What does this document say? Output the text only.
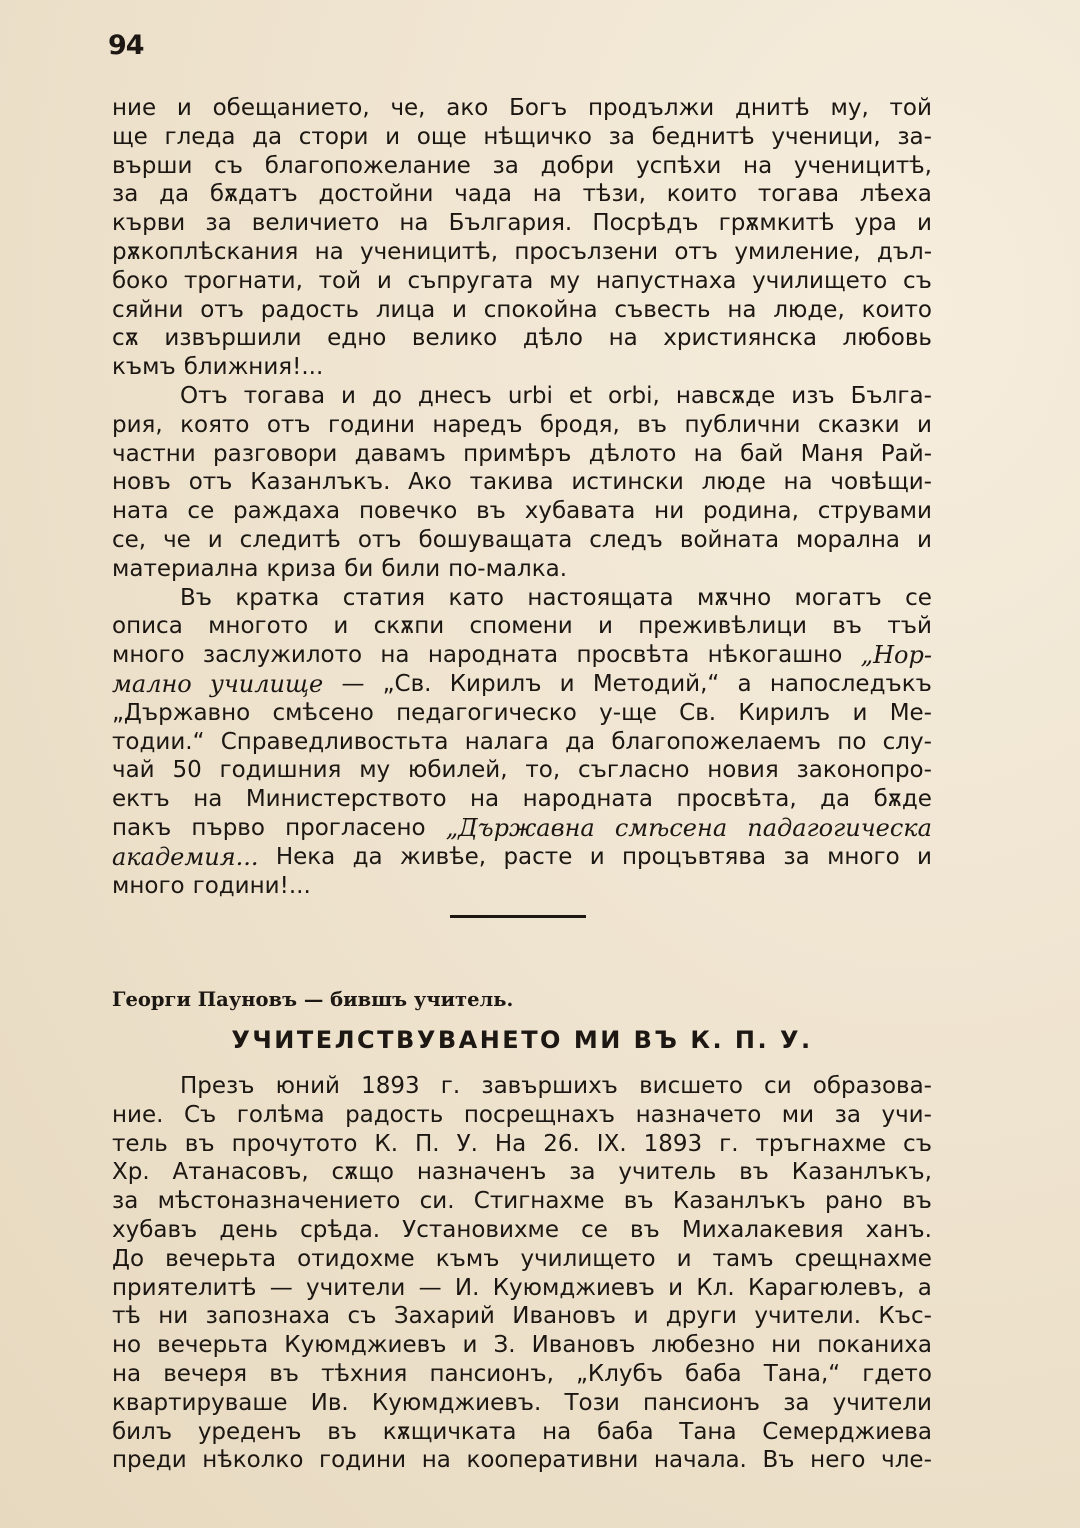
94
ние и обещанието, че, ако Богъ продължи днитѣ му, той
ще гледа да стори и още нѣщичко за беднитѣ ученици, за-
върши съ благопожелание за добри успѣхи на ученицитѣ,
за да бѫдатъ достойни чада на тѣзи, които тогава лѣеха
кърви за величието на България. Посрѣдъ грѫмкитѣ ура и
рѫкоплѣскания на ученицитѣ, просълзени отъ умиление, дъл-
боко трогнати, той и съпругата му напустнаха училището съ
сяйни отъ радость лица и спокойна съвесть на люде, които
сѫ извършили едно велико дѣло на християнска любовь
къмъ ближния!...
Отъ тогава и до днесъ urbi et orbi, навсѫде изъ Бълга-
рия, която отъ години наредъ бродя, въ публични сказки и
частни разговори давамъ примѣръ дѣлото на бай Маня Рай-
новъ отъ Казанлъкъ. Ако такива истински люде на човѣщи-
ната се раждаха повечко въ хубавата ни родина, струвами
се, че и следитѣ отъ бошуващата следъ войната морална и
материална криза би били по-малка.
Въ кратка статия като настоящата мѫчно могатъ се
описа многото и скѫпи спомени и преживѣлици въ тъй
много заслужилото на народната просвѣта нѣкогашно „Нор-
мално училище — „Св. Кирилъ и Методий,“ а напоследъкъ
„Държавно смѣсено педагогическо у-ще Св. Кирилъ и Ме-
тодии.“ Справедливостьта налага да благопожелаемъ по слу-
чай 50 годишния му юбилей, то, съгласно новия законопро-
ектъ на Министерството на народната просвѣта, да бѫде
пакъ първо прогласено „Държавна смѣсена падагогическа
академия... Нека да живѣе, расте и процъвтява за много и
много години!...
Георги Пауновъ — бившъ учитель.
УЧИТЕЛСТВУВАНЕТО МИ ВЪ К. П. У.
Презъ юний 1893 г. завършихъ висшето си образова-
ние. Съ голѣма радость посрещнахъ назначето ми за учи-
тель въ прочутото К. П. У. На 26. IX. 1893 г. тръгнахме съ
Хр. Атанасовъ, сѫщо назначенъ за учитель въ Казанлъкъ,
за мѣстоназначението си. Стигнахме въ Казанлъкъ рано въ
хубавъ день срѣда. Установихме се въ Михалакевия ханъ.
До вечерьта отидохме къмъ училището и тамъ срещнахме
приятелитѣ — учители — И. Куюмджиевъ и Кл. Карагюлевъ, а
тѣ ни запознаха съ Захарий Ивановъ и други учители. Къс-
но вечерьта Куюмджиевъ и З. Ивановъ любезно ни поканиха
на вечеря въ тѣхния пансионъ, „Клубъ баба Тана,“ гдето
квартируваше Ив. Куюмджиевъ. Този пансионъ за учители
билъ уреденъ въ кѫщичката на баба Тана Семерджиева
преди нѣколко години на кооперативни начала. Въ него чле-
